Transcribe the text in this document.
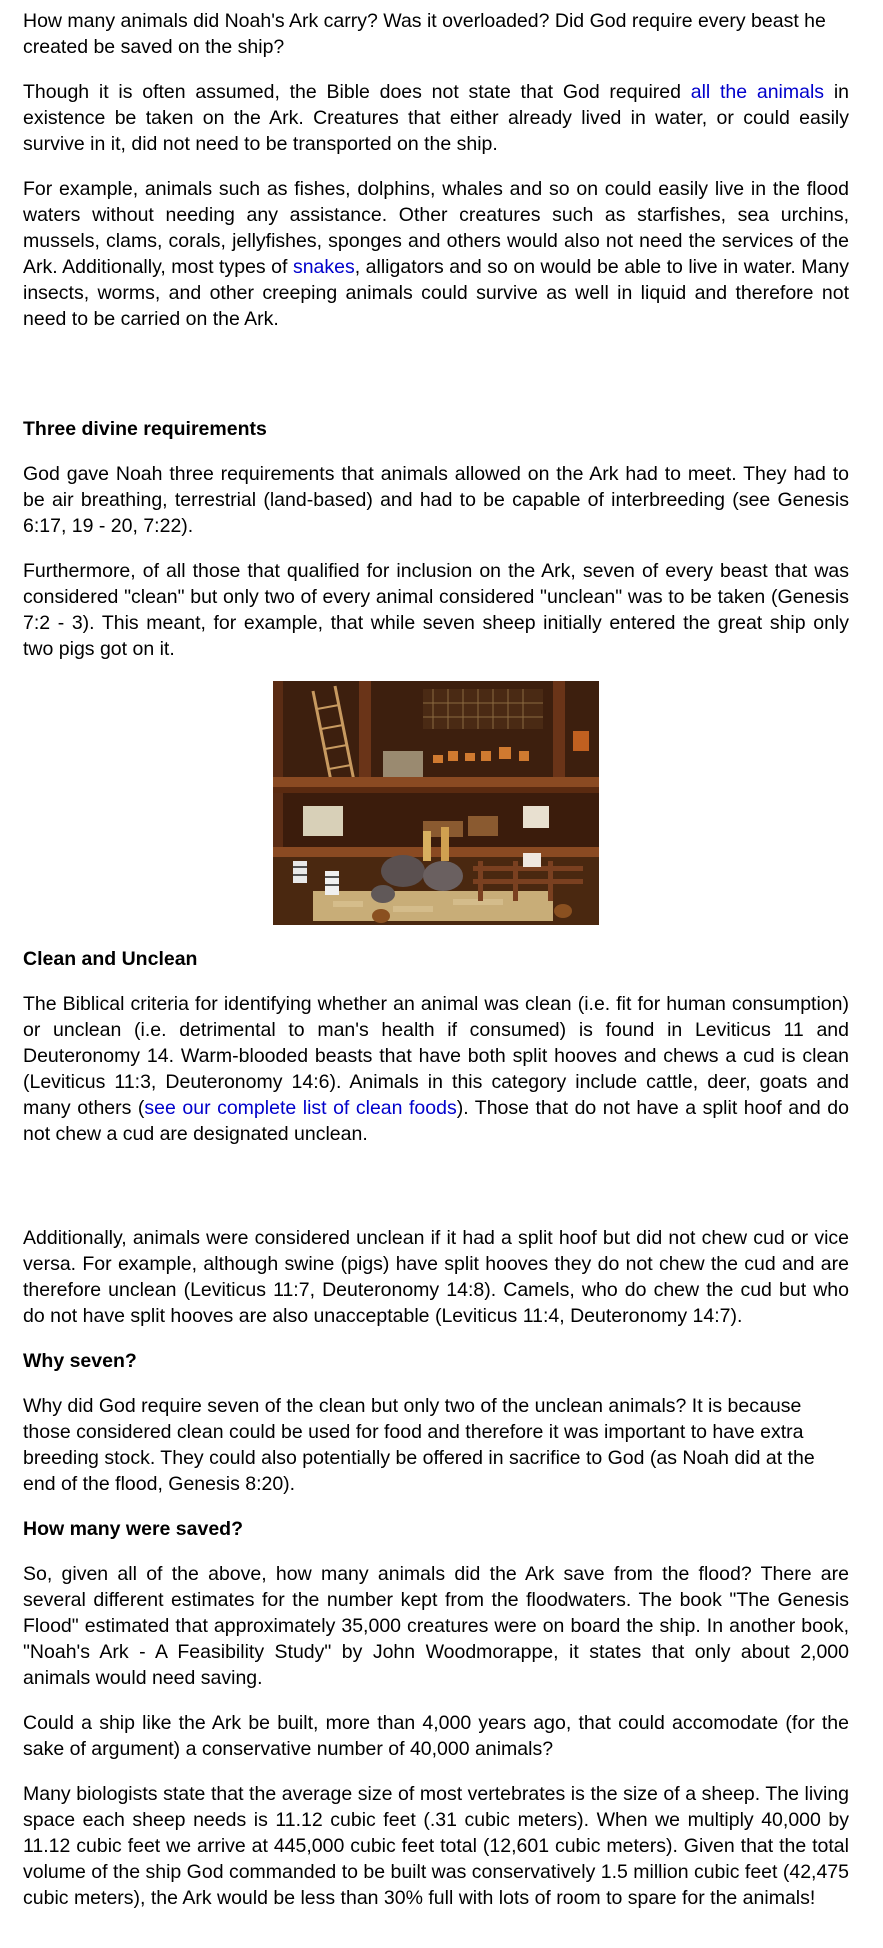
How many animals did Noah's Ark carry? Was it overloaded? Did God require every beast he created be saved on the ship?

Though it is often assumed, the Bible does not state that God required all the animals in existence be taken on the Ark. Creatures that either already lived in water, or could easily survive in it, did not need to be transported on the ship.

For example, animals such as fishes, dolphins, whales and so on could easily live in the flood waters without needing any assistance. Other creatures such as starfishes, sea urchins, mussels, clams, corals, jellyfishes, sponges and others would also not need the services of the Ark. Additionally, most types of snakes, alligators and so on would be able to live in water. Many insects, worms, and other creeping animals could survive as well in liquid and therefore not need to be carried on the Ark.

Three divine requirements

God gave Noah three requirements that animals allowed on the Ark had to meet. They had to be air breathing, terrestrial (land-based) and had to be capable of interbreeding (see Genesis 6:17, 19 - 20, 7:22).

Furthermore, of all those that qualified for inclusion on the Ark, seven of every beast that was considered "clean" but only two of every animal considered "unclean" was to be taken (Genesis 7:2 - 3). This meant, for example, that while seven sheep initially entered the great ship only two pigs got on it.

Clean and Unclean

The Biblical criteria for identifying whether an animal was clean (i.e. fit for human consumption) or unclean (i.e. detrimental to man's health if consumed) is found in Leviticus 11 and Deuteronomy 14. Warm-blooded beasts that have both split hooves and chews a cud is clean (Leviticus 11:3, Deuteronomy 14:6). Animals in this category include cattle, deer, goats and many others (see our complete list of clean foods). Those that do not have a split hoof and do not chew a cud are designated unclean.

Additionally, animals were considered unclean if it had a split hoof but did not chew cud or vice versa. For example, although swine (pigs) have split hooves they do not chew the cud and are therefore unclean (Leviticus 11:7, Deuteronomy 14:8). Camels, who do chew the cud but who do not have split hooves are also unacceptable (Leviticus 11:4, Deuteronomy 14:7).

Why seven?

Why did God require seven of the clean but only two of the unclean animals? It is because those considered clean could be used for food and therefore it was important to have extra breeding stock. They could also potentially be offered in sacrifice to God (as Noah did at the end of the flood, Genesis 8:20).

How many were saved?

So, given all of the above, how many animals did the Ark save from the flood? There are several different estimates for the number kept from the floodwaters. The book "The Genesis Flood" estimated that approximately 35,000 creatures were on board the ship. In another book, "Noah's Ark - A Feasibility Study" by John Woodmorappe, it states that only about 2,000 animals would need saving.

Could a ship like the Ark be built, more than 4,000 years ago, that could accomodate (for the sake of argument) a conservative number of 40,000 animals?

Many biologists state that the average size of most vertebrates is the size of a sheep. The living space each sheep needs is 11.12 cubic feet (.31 cubic meters). When we multiply 40,000 by 11.12 cubic feet we arrive at 445,000 cubic feet total (12,601 cubic meters). Given that the total volume of the ship God commanded to be built was conservatively 1.5 million cubic feet (42,475 cubic meters), the Ark would be less than 30% full with lots of room to spare for the animals!
